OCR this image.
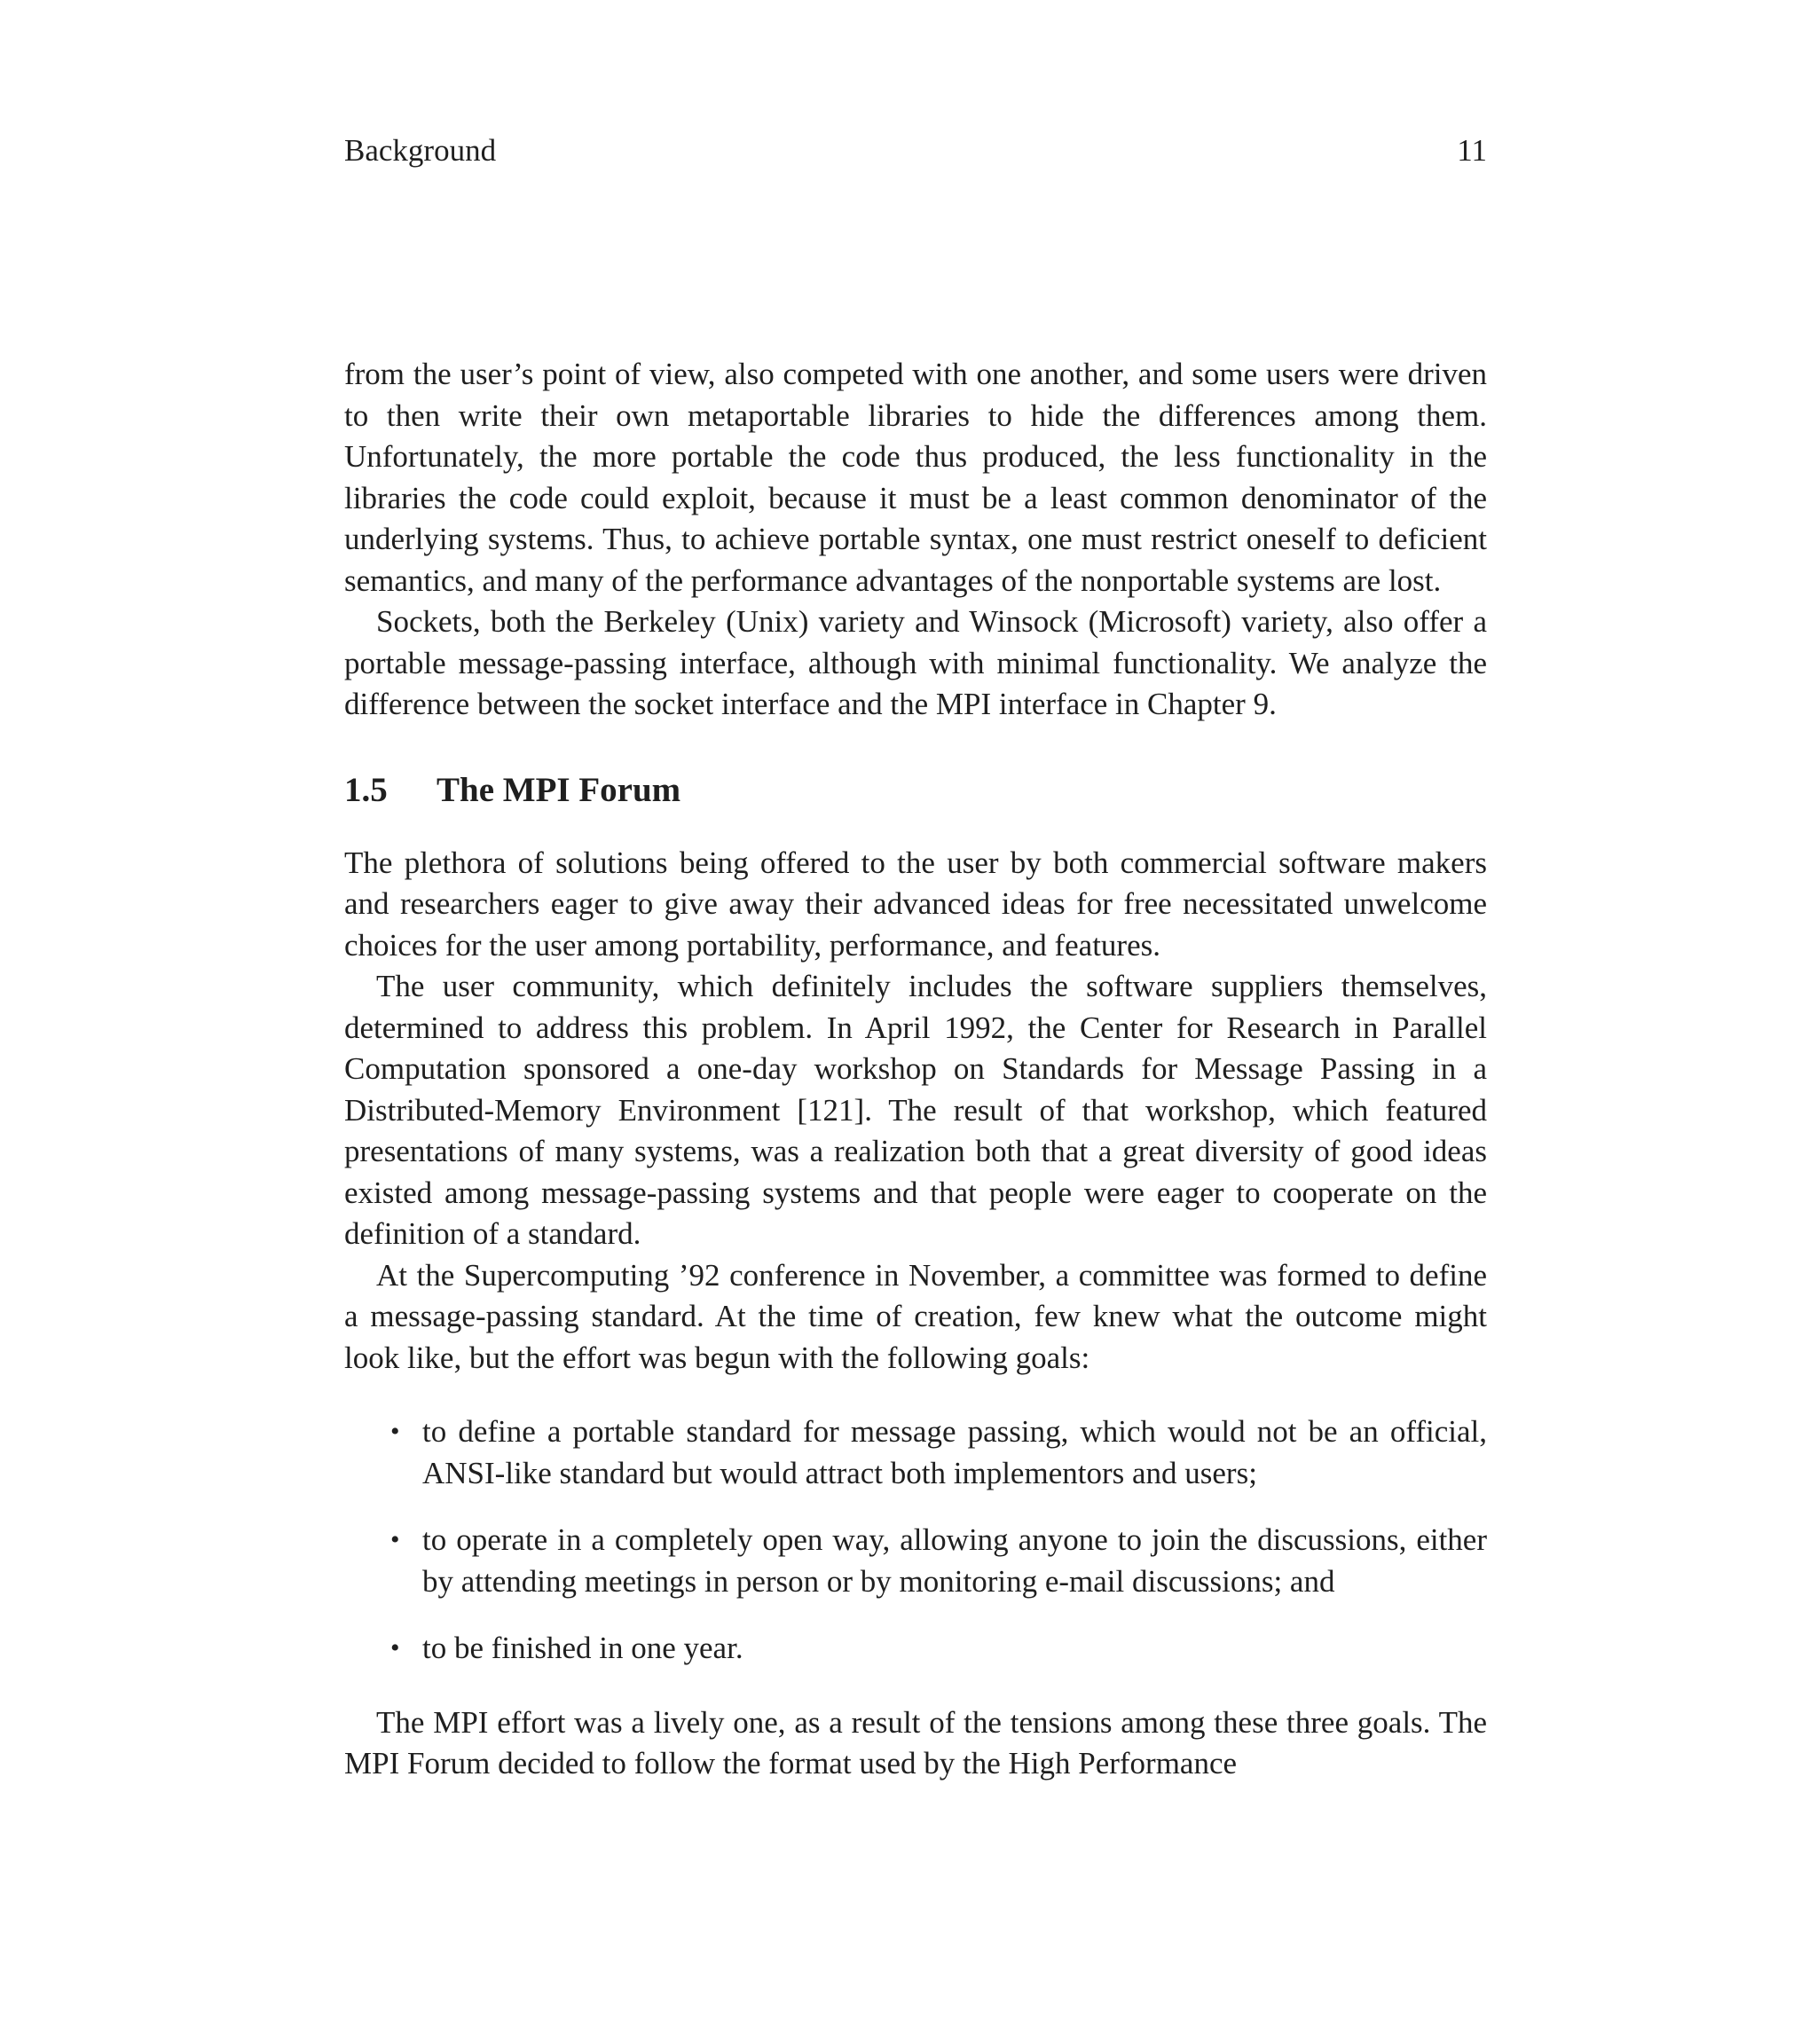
Background	11

from the user’s point of view, also competed with one another, and some users were driven to then write their own metaportable libraries to hide the differences among them. Unfortunately, the more portable the code thus produced, the less functionality in the libraries the code could exploit, because it must be a least common denominator of the underlying systems. Thus, to achieve portable syntax, one must restrict oneself to deficient semantics, and many of the performance advantages of the nonportable systems are lost.

Sockets, both the Berkeley (Unix) variety and Winsock (Microsoft) variety, also offer a portable message-passing interface, although with minimal functionality. We analyze the difference between the socket interface and the MPI interface in Chapter 9.

1.5 The MPI Forum

The plethora of solutions being offered to the user by both commercial software makers and researchers eager to give away their advanced ideas for free necessitated unwelcome choices for the user among portability, performance, and features.

The user community, which definitely includes the software suppliers themselves, determined to address this problem. In April 1992, the Center for Research in Parallel Computation sponsored a one-day workshop on Standards for Message Passing in a Distributed-Memory Environment [121]. The result of that workshop, which featured presentations of many systems, was a realization both that a great diversity of good ideas existed among message-passing systems and that people were eager to cooperate on the definition of a standard.

At the Supercomputing ’92 conference in November, a committee was formed to define a message-passing standard. At the time of creation, few knew what the outcome might look like, but the effort was begun with the following goals:

• to define a portable standard for message passing, which would not be an official, ANSI-like standard but would attract both implementors and users;
• to operate in a completely open way, allowing anyone to join the discussions, either by attending meetings in person or by monitoring e-mail discussions; and
• to be finished in one year.

The MPI effort was a lively one, as a result of the tensions among these three goals. The MPI Forum decided to follow the format used by the High Performance
